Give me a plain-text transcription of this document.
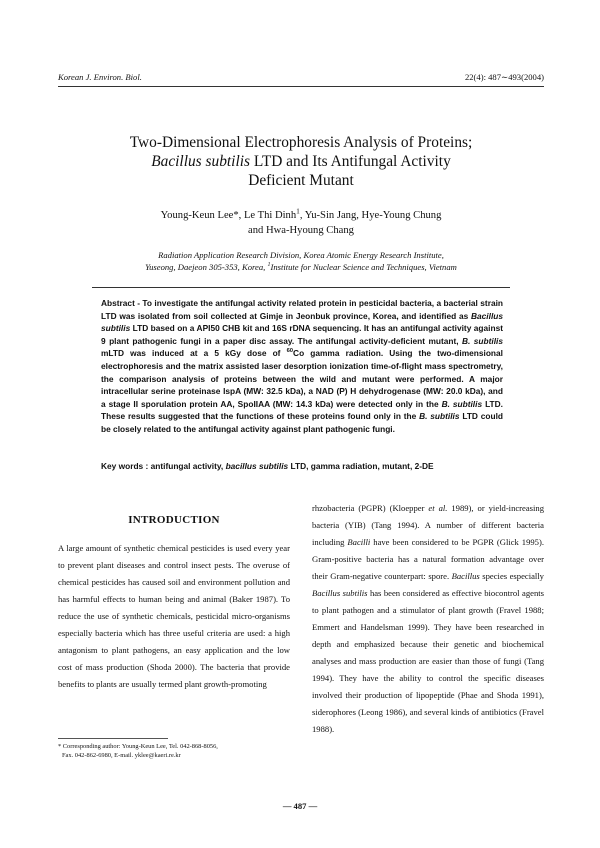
Korean J. Environ. Biol.	22(4): 487∼493(2004)
Two-Dimensional Electrophoresis Analysis of Proteins;
Bacillus subtilis LTD and Its Antifungal Activity
Deficient Mutant
Young-Keun Lee*, Le Thi Dinh$^1$, Yu-Sin Jang, Hye-Young Chung
and Hwa-Hyoung Chang
Radiation Application Research Division, Korea Atomic Energy Research Institute,
Yuseong, Daejeon 305-353, Korea, $^1$Institute for Nuclear Science and Techniques, Vietnam
Abstract - To investigate the antifungal activity related protein in pesticidal bacteria, a bacterial strain LTD was isolated from soil collected at Gimje in Jeonbuk province, Korea, and identified as Bacillus subtilis LTD based on a API50 CHB kit and 16S rDNA sequencing. It has an antifungal activity against 9 plant pathogenic fungi in a paper disc assay. The antifungal activity-deficient mutant, B. subtilis mLTD was induced at a 5 kGy dose of $^{60}$Co gamma radiation. Using the two-dimensional electrophoresis and the matrix assisted laser desorption ionization time-of-flight mass spectrometry, the comparison analysis of proteins between the wild and mutant were performed. A major intracellular serine proteinase IspA (MW: 32.5 kDa), a NAD (P) H dehydrogenase (MW: 20.0 kDa), and a stage II sporulation protein AA, SpoIIAA (MW: 14.3 kDa) were detected only in the B. subtilis LTD. These results suggested that the functions of these proteins found only in the B. subtilis LTD could be closely related to the antifungal activity against plant pathogenic fungi.
Key words : antifungal activity, bacillus subtilis LTD, gamma radiation, mutant, 2-DE
INTRODUCTION
A large amount of synthetic chemical pesticides is used every year to prevent plant diseases and control insect pests. The overuse of chemical pesticides has caused soil and environment pollution and has harmful effects to human being and animal (Baker 1987). To reduce the use of synthetic chemicals, pesticidal micro-organisms especially bacteria which has three useful criteria are used: a high antagonism to plant pathogens, an easy application and the low cost of mass production (Shoda 2000). The bacteria that provide benefits to plants are usually termed plant growth-promoting
rhzobacteria (PGPR) (Kloepper et al. 1989), or yield-increasing bacteria (YIB) (Tang 1994). A number of different bacteria including Bacilli have been considered to be PGPR (Glick 1995). Gram-positive bacteria has a natural formation advantage over their Gram-negative counterpart: spore. Bacillus species especially Bacillus subtilis has been considered as effective biocontrol agents to plant pathogen and a stimulator of plant growth (Fravel 1988; Emmert and Handelsman 1999). They have been researched in depth and emphasized because their genetic and biochemical analyses and mass production are easier than those of fungi (Tang 1994). They have the ability to control the specific diseases involved their production of lipopeptide (Phae and Shoda 1991), siderophores (Leong 1986), and several kinds of antibiotics (Fravel 1988).
* Corresponding author: Young-Keun Lee, Tel. 042-868-8056,
Fax. 042-862-6980, E-mail. yklee@kaeri.re.kr
— 487 —
